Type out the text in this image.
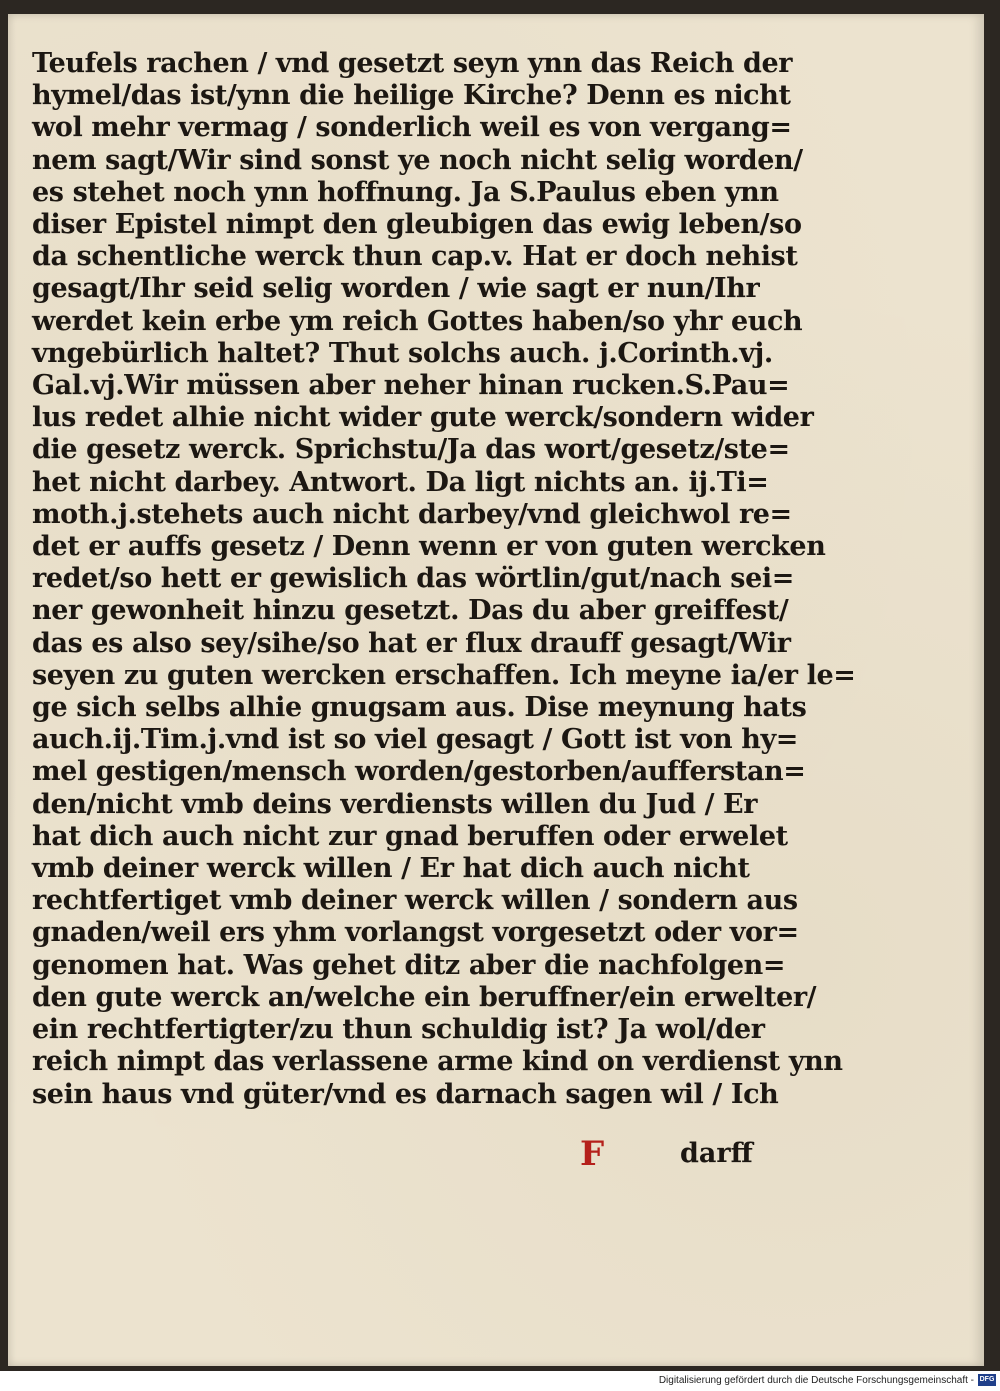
Teufels rachen / vnd gesetzt seyn ynn das Reich der
hymel/das ist/ynn die heilige Kirche? Denn es nicht
wol mehr vermag / sonderlich weil es von vergang=
nem sagt/Wir sind sonst ye noch nicht selig worden/
es stehet noch ynn hoffnung. Ja S.Paulus eben ynn
diser Epistel nimpt den gleubigen das ewig leben/so
da schentliche werck thun cap.v. Hat er doch nehist
gesagt/Ihr seid selig worden / wie sagt er nun/Ihr
werdet kein erbe ym reich Gottes haben/so yhr euch
vngebürlich haltet? Thut solchs auch. j.Corinth.vj.
Gal.vj.Wir müssen aber neher hinan rucken.S.Pau=
lus redet alhie nicht wider gute werck/sondern wider
die gesetz werck. Sprichstu/Ja das wort/gesetz/ste=
het nicht darbey. Antwort. Da ligt nichts an. ij.Ti=
moth.j.stehets auch nicht darbey/vnd gleichwol re=
det er auffs gesetz / Denn wenn er von guten wercken
redet/so hett er gewislich das wörtlin/gut/nach sei=
ner gewonheit hinzu gesetzt. Das du aber greiffest/
das es also sey/sihe/so hat er flux drauff gesagt/Wir
seyen zu guten wercken erschaffen. Ich meyne ia/er le=
ge sich selbs alhie gnugsam aus. Dise meynung hats
auch.ij.Tim.j.vnd ist so viel gesagt / Gott ist von hy=
mel gestigen/mensch worden/gestorben/aufferstan=
den/nicht vmb deins verdiensts willen du Jud / Er
hat dich auch nicht zur gnad beruffen oder erwelet
vmb deiner werck willen / Er hat dich auch nicht
rechtfertiget vmb deiner werck willen / sondern aus
gnaden/weil ers yhm vorlangst vorgesetzt oder vor=
genomen hat. Was gehet ditz aber die nachfolgen=
den gute werck an/welche ein beruffner/ein erwelter/
ein rechtfertigter/zu thun schuldig ist? Ja wol/der
reich nimpt das verlassene arme kind on verdienst ynn
sein haus vnd güter/vnd es darnach sagen wil / Ich
F	darff
Digitalisierung gefördert durch die Deutsche Forschungsgemeinschaft - DFG
